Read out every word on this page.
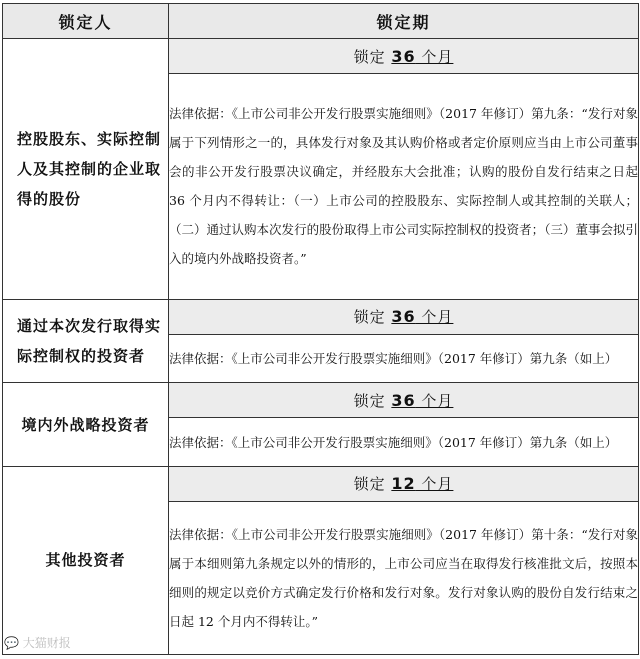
锁定人	锁定期
控股股东、实际控制人及其控制的企业取得的股份	锁定 36 个月
	法律依据：《上市公司非公开发行股票实施细则》（2017 年修订）第九条：“发行对象属于下列情形之一的，具体发行对象及其认购价格或者定价原则应当由上市公司董事会的非公开发行股票决议确定，并经股东大会批准；认购的股份自发行结束之日起 36 个月内不得转让：（一）上市公司的控股股东、实际控制人或其控制的关联人；（二）通过认购本次发行的股份取得上市公司实际控制权的投资者；（三）董事会拟引入的境内外战略投资者。”
通过本次发行取得实际控制权的投资者	锁定 36 个月
	法律依据：《上市公司非公开发行股票实施细则》（2017 年修订）第九条（如上）
境内外战略投资者	锁定 36 个月
	法律依据：《上市公司非公开发行股票实施细则》（2017 年修订）第九条（如上）
其他投资者	锁定 12 个月
	法律依据：《上市公司非公开发行股票实施细则》（2017 年修订）第十条：“发行对象属于本细则第九条规定以外的情形的，上市公司应当在取得发行核准批文后，按照本细则的规定以竞价方式确定发行价格和发行对象。发行对象认购的股份自发行结束之日起 12 个月内不得转让。”
💬 大猫财报
